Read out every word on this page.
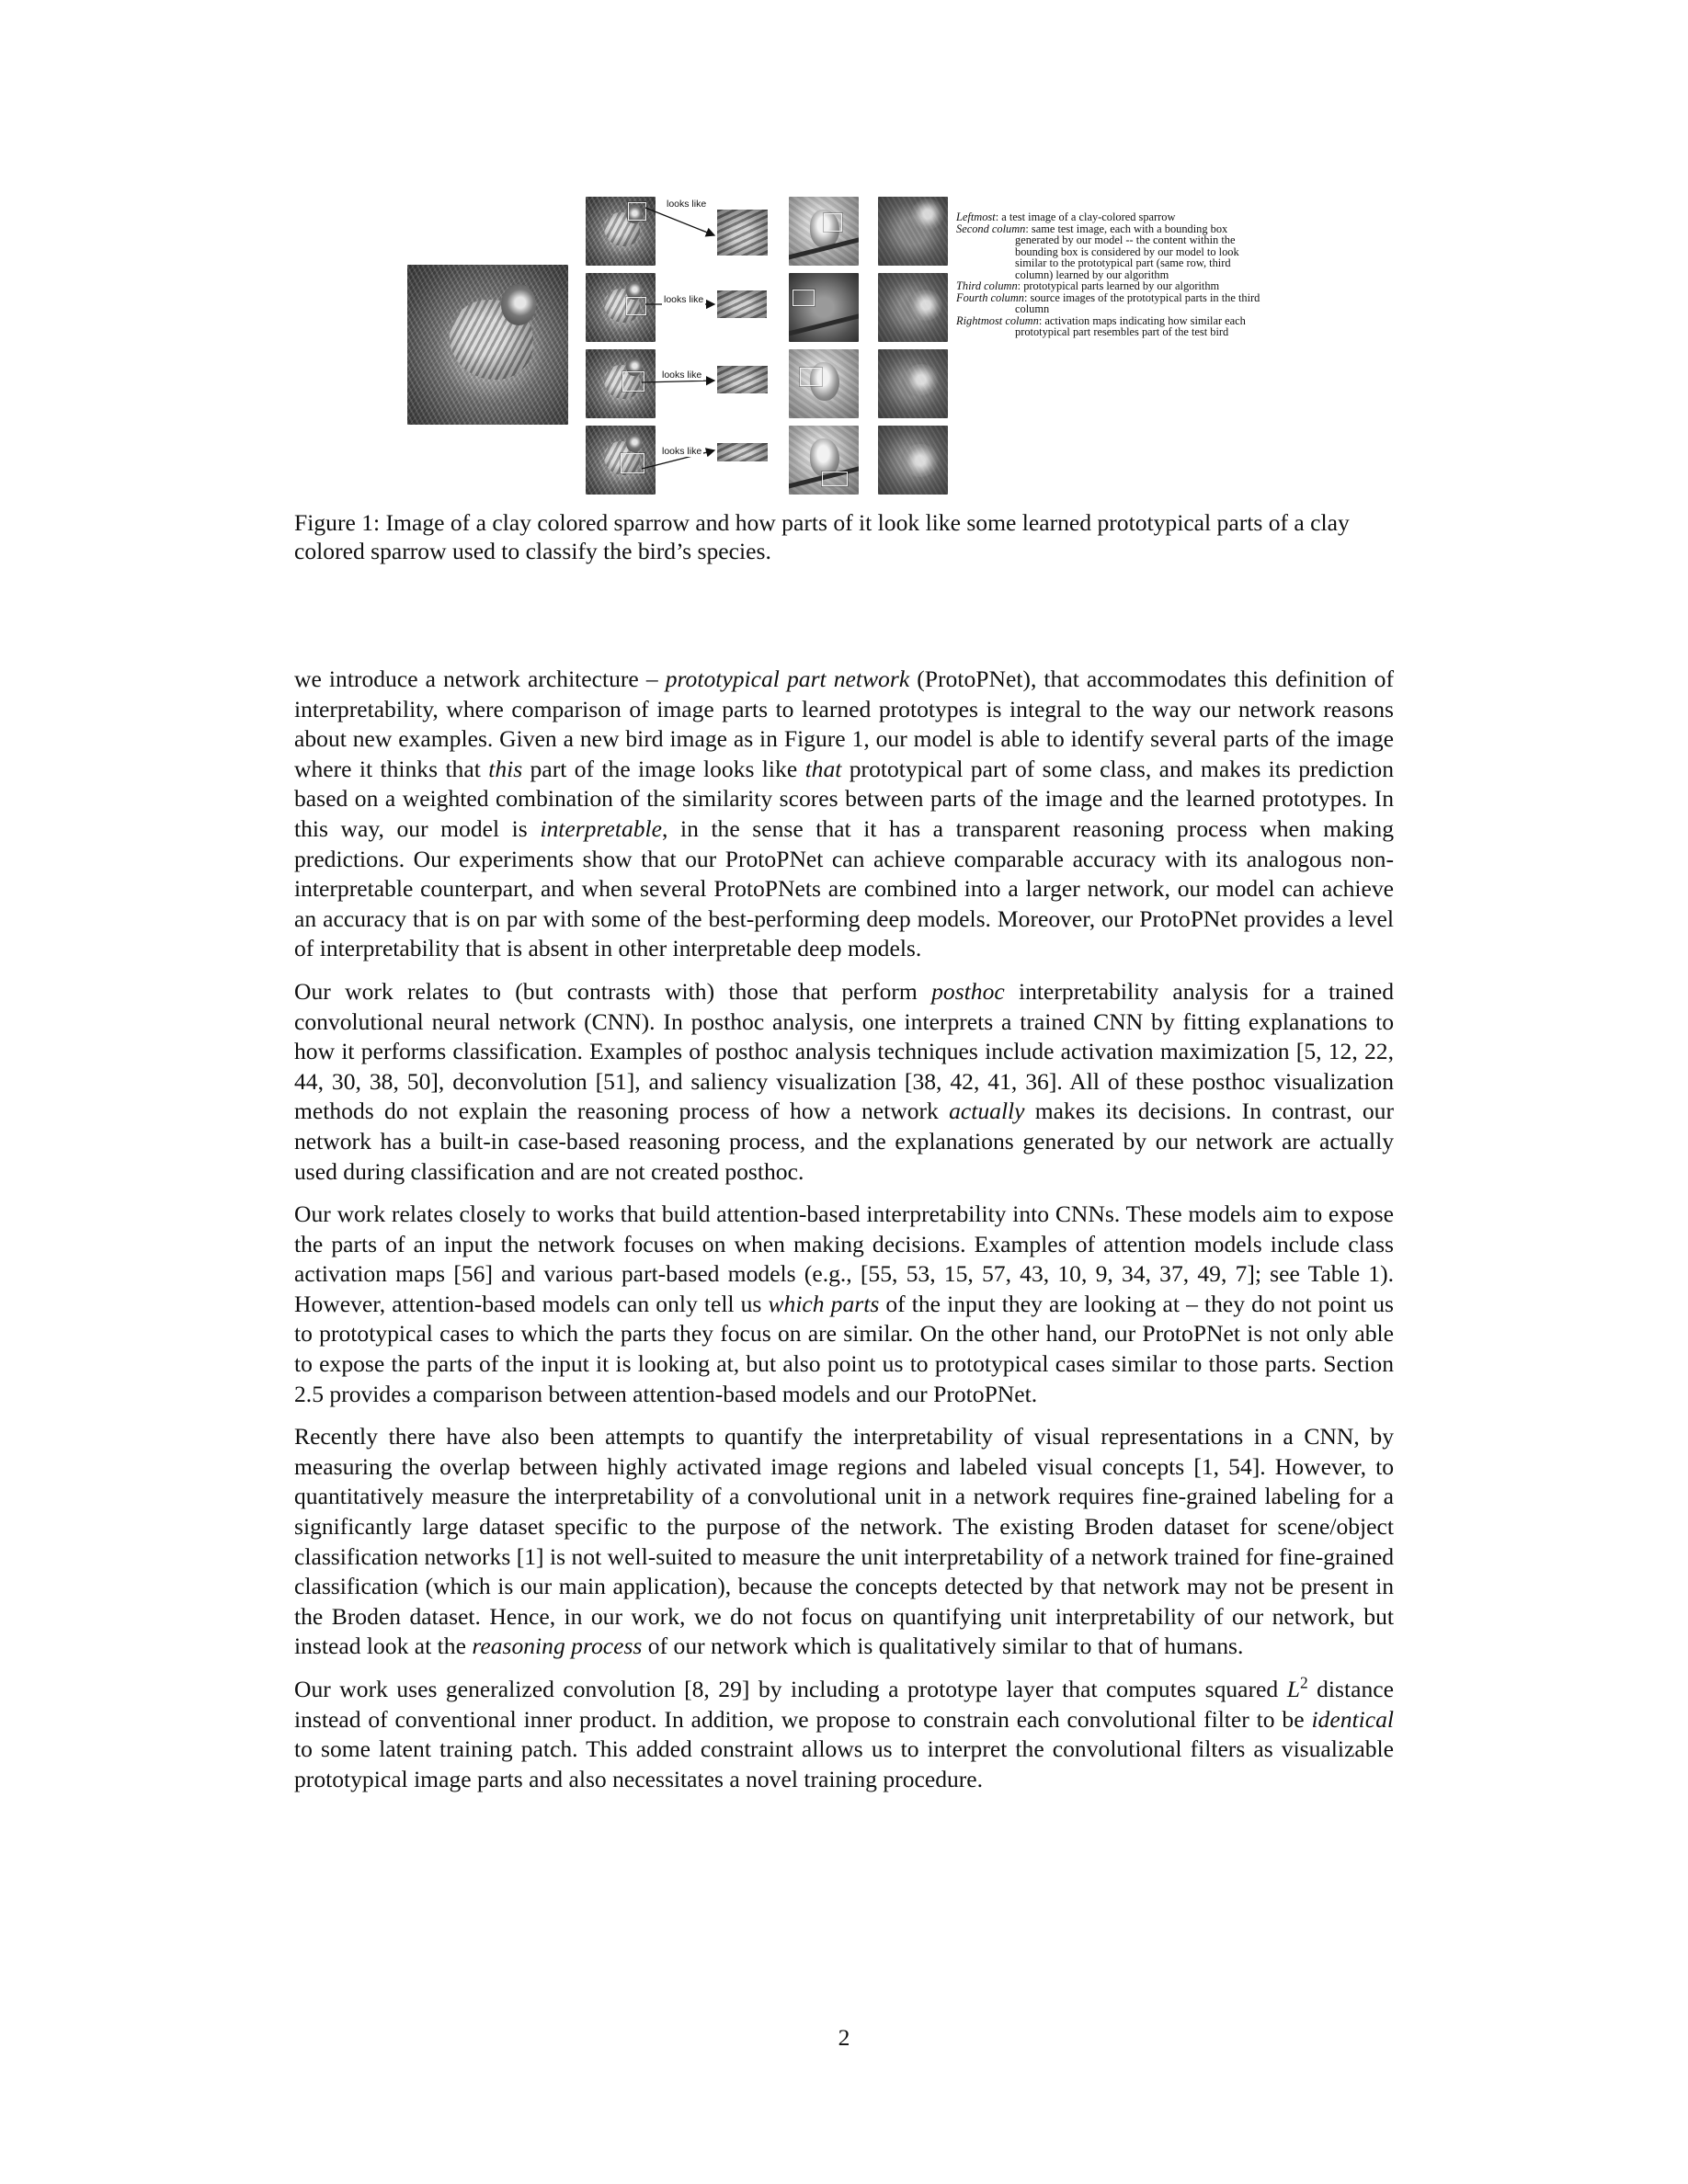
looks like
looks like
looks like
looks like

Leftmost: a test image of a clay-colored sparrow

Second column: same test image, each with a bounding box generated by our model -- the content within the bounding box is considered by our model to look similar to the prototypical part (same row, third column) learned by our algorithm

Third column: prototypical parts learned by our algorithm

Fourth column: source images of the prototypical parts in the third column

Rightmost column: activation maps indicating how similar each prototypical part resembles part of the test bird

Figure 1: Image of a clay colored sparrow and how parts of it look like some learned prototypical parts of a clay colored sparrow used to classify the bird’s species.

we introduce a network architecture – prototypical part network (ProtoPNet), that accommodates this definition of interpretability, where comparison of image parts to learned prototypes is integral to the way our network reasons about new examples. Given a new bird image as in Figure 1, our model is able to identify several parts of the image where it thinks that this part of the image looks like that prototypical part of some class, and makes its prediction based on a weighted combination of the similarity scores between parts of the image and the learned prototypes. In this way, our model is interpretable, in the sense that it has a transparent reasoning process when making predictions. Our experiments show that our ProtoPNet can achieve comparable accuracy with its analogous non-interpretable counterpart, and when several ProtoPNets are combined into a larger network, our model can achieve an accuracy that is on par with some of the best-performing deep models. Moreover, our ProtoPNet provides a level of interpretability that is absent in other interpretable deep models.

Our work relates to (but contrasts with) those that perform posthoc interpretability analysis for a trained convolutional neural network (CNN). In posthoc analysis, one interprets a trained CNN by fitting explanations to how it performs classification. Examples of posthoc analysis techniques include activation maximization [5, 12, 22, 44, 30, 38, 50], deconvolution [51], and saliency visualization [38, 42, 41, 36]. All of these posthoc visualization methods do not explain the reasoning process of how a network actually makes its decisions. In contrast, our network has a built-in case-based reasoning process, and the explanations generated by our network are actually used during classification and are not created posthoc.

Our work relates closely to works that build attention-based interpretability into CNNs. These models aim to expose the parts of an input the network focuses on when making decisions. Examples of attention models include class activation maps [56] and various part-based models (e.g., [55, 53, 15, 57, 43, 10, 9, 34, 37, 49, 7]; see Table 1). However, attention-based models can only tell us which parts of the input they are looking at – they do not point us to prototypical cases to which the parts they focus on are similar. On the other hand, our ProtoPNet is not only able to expose the parts of the input it is looking at, but also point us to prototypical cases similar to those parts. Section 2.5 provides a comparison between attention-based models and our ProtoPNet.

Recently there have also been attempts to quantify the interpretability of visual representations in a CNN, by measuring the overlap between highly activated image regions and labeled visual concepts [1, 54]. However, to quantitatively measure the interpretability of a convolutional unit in a network requires fine-grained labeling for a significantly large dataset specific to the purpose of the network. The existing Broden dataset for scene/object classification networks [1] is not well-suited to measure the unit interpretability of a network trained for fine-grained classification (which is our main application), because the concepts detected by that network may not be present in the Broden dataset. Hence, in our work, we do not focus on quantifying unit interpretability of our network, but instead look at the reasoning process of our network which is qualitatively similar to that of humans.

Our work uses generalized convolution [8, 29] by including a prototype layer that computes squared $L^2$ distance instead of conventional inner product. In addition, we propose to constrain each convolutional filter to be identical to some latent training patch. This added constraint allows us to interpret the convolutional filters as visualizable prototypical image parts and also necessitates a novel training procedure.

2
